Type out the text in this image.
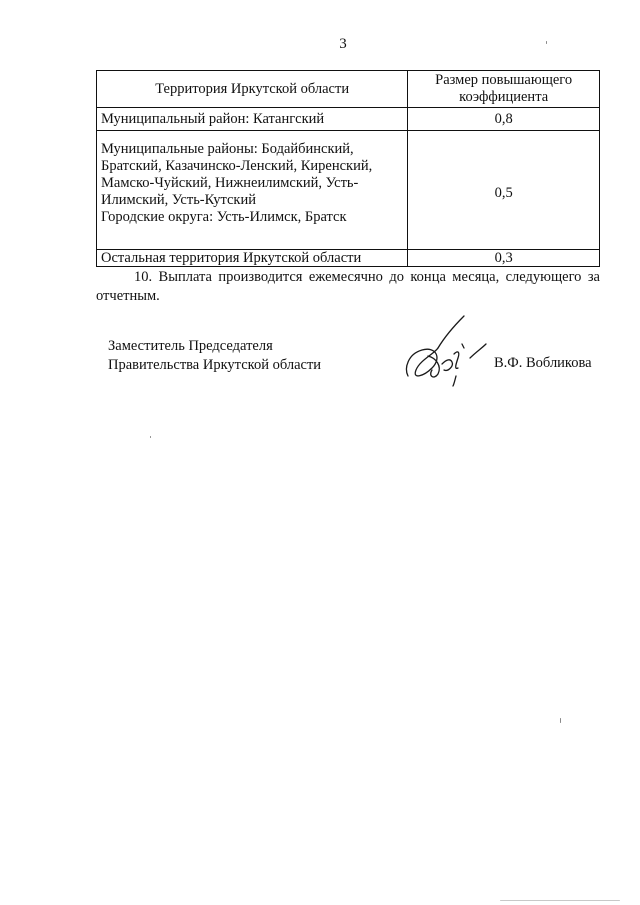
3
Территория Иркутской области	Размер повышающего коэффициента

Муниципальный район: Катангский	0,8

Муниципальные районы: Бодайбинский, Братский, Казачинско-Ленский, Киренский, Мамско-Чуйский, Нижнеилимский, Усть-Илимский, Усть-Кутский
Городские округа: Усть-Илимск, Братск	0,5

Остальная территория Иркутской области	0,3
10. Выплата производится ежемесячно до конца месяца, следующего за отчетным.
Заместитель Председателя
Правительства Иркутской области	В.Ф. Вобликова
